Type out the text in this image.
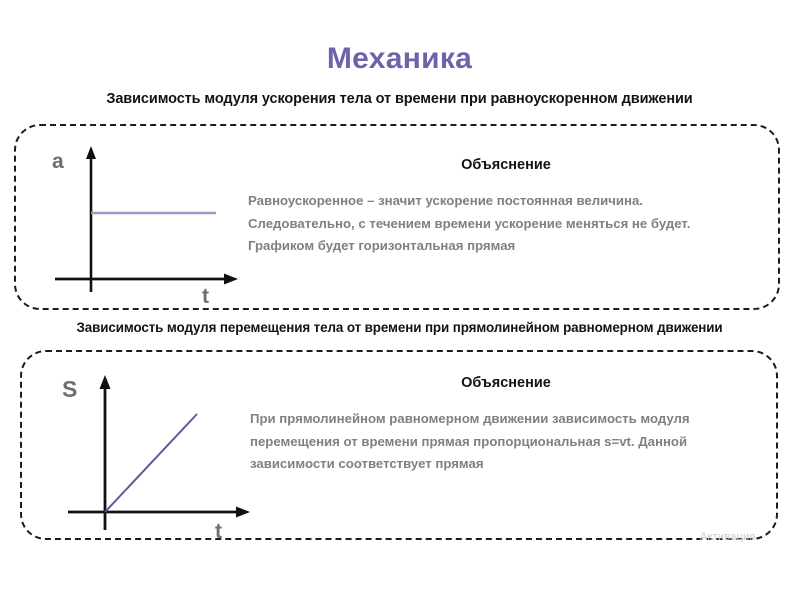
Механика
Зависимость модуля ускорения тела от времени при равноускоренном движении
a
t
Объяснение
Равноускоренное – значит ускорение постоянная величина.
Следовательно, с течением времени ускорение меняться не будет.
Графиком будет горизонтальная прямая
Зависимость модуля перемещения тела от времени при прямолинейном равномерном движении
S
t
Объяснение
При прямолинейном равномерном движении зависимость модуля
перемещения от времени прямая пропорциональная s=vt. Данной
зависимости соответствует прямая
Активация
